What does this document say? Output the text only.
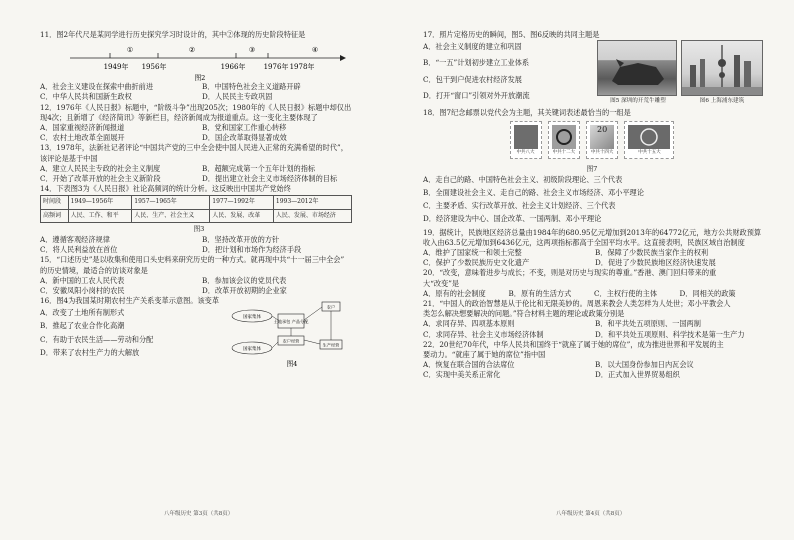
11．图2年代尺是某同学进行历史探究学习时设计的，其中②体现的历史阶段特征是
①	②	③	④
1949年 1956年	1966年	1976年 1978年
图2
A．社会主义建设在探索中曲折前进	B．中国特色社会主义道路开辟
C．中华人民共和国新生政权	D．人民民主专政巩固
12．1976年《人民日报》标题中，“阶级斗争”出现205次；1980年的《人民日报》标题中却仅出
现4次；且新增了《经济简讯》等新栏目，经济新闻成为报道重点。这一变化主要体现了
A．国家重视经济新闻报道	B．党和国家工作重心转移
C．农村土地改革全面展开	D．国企改革取得显著成效
13．1978年，法新社记者评论“中国共产党的三中全会使中国人民进入正常的充满希望的时代”，
该评论是基于中国
A．建立人民民主专政的社会主义制度	B．超额完成第一个五年计划的指标
C．开始了改革开放的社会主义新阶段	D．提出建立社会主义市场经济体制的目标
14．下表图3为《人民日报》社论高频词的统计分析。这反映出中国共产党始终
时间段	1949—1956年	1957—1965年	1977—1992年	1993—2012年
高频词	人民、工作、和平	人民、生产、社会主义	人民、发展、改革	人民、发展、市场经济
图3
A．遵循客观经济规律	B．坚持改革开放的方针
C．将人民利益放在首位	D．把计划和市场作为经济手段
15．“口述历史”是以收集和使用口头史料来研究历史的一种方式。就再现中共“十一届三中全会”
的历史情境，最适合的访谈对象是
A．新中国的工农人民代表	B．参加该会议的党员代表
C．安徽凤阳小岗村的农民	D．改革开放初期的企业家
16．图4为我国某时期农村生产关系变革示意图。该变革
A．改变了土地所有制形式
B．推起了农业合作化高潮
C．有助于农民生活——劳动和分配
D．带来了农村生产力的大解放
国家集体
国家集体
土地承包 产品分配
农户经营
农户
生产经营
图4
八年级历史 第3页（共8页）
17．照片定格历史的瞬间，图5、图6反映的共同主题是
A．社会主义制度的建立和巩固
B．“一五”计划初步建立工业体系
C．包干到户促进农村经济发展
D．打开“窗口”引领对外开放潮流
图5 深圳的开荒牛雕塑	图6 上海浦东建筑
18．图7纪念邮票以党代会为主题，其关键词表述最恰当的一组是
中共八大
	中共十二大

20
中共十四大
	中共十五大
图7
A．走自己的路、中国特色社会主义、初级阶段理论、三个代表
B．全面建设社会主义、走自己的路、社会主义市场经济、邓小平理论
C．主要矛盾、实行改革开放、社会主义计划经济、三个代表
D．经济建设为中心、国企改革、一国两制、邓小平理论
19．据统计，民族地区经济总量由1984年的680.95亿元增加到2013年的64772亿元，地方公共财政预算
收入由63.5亿元增加到6436亿元，这两项指标都高于全国平均水平。这直接表明，民族区域自治制度
A．维护了国家统一和领土完整	B．保障了少数民族当家作主的权利
C．保护了少数民族历史文化遗产	D．促进了少数民族地区经济快速发展
20．“改变，意味着进步与成长；不变，则是对历史与现实的尊重。”香港、澳门回归带来的重
大“改变”是
A．原有的社会制度	B．原有的生活方式	C．主权行使的主体	D．同相关的政策
21．“中国人的政治智慧是从于伦比和无限美妙的。周恩来教会人类怎样为人处世；邓小平教会人
类怎么解决想要解决的问题。”符合材料主题的理论或政策分别是
A．求同存异、四项基本原则	B．和平共处五项原则、一国两制
C．求同存异、社会主义市场经济体制	D．和平共处五项原则、科学技术是第一生产力
22．20世纪70年代，中华人民共和国终于“就座了属于她的席位”，成为推进世界和平发展的主
要动力。“就座了属于她的席位”指中国
A．恢复在联合国的合法席位	B．以大国身份参加日内瓦会议
C．实现中美关系正常化	D．正式加入世界贸易组织
八年级历史 第4页（共8页）
